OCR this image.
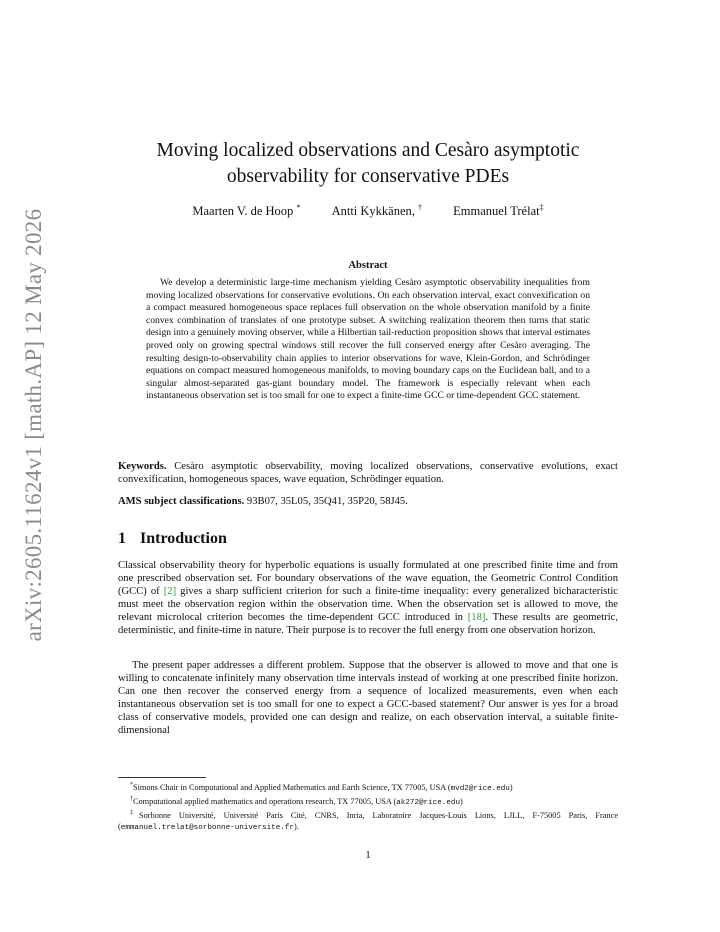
arXiv:2605.11624v1 [math.AP] 12 May 2026
Moving localized observations and Cesàro asymptotic
observability for conservative PDEs
Maarten V. de Hoop * Antti Kykkänen, † Emmanuel Trélat‡
Abstract

We develop a deterministic large-time mechanism yielding Cesàro asymptotic observability inequalities from moving localized observations for conservative evolutions. On each observation interval, exact convexification on a compact measured homogeneous space replaces full observation on the whole observation manifold by a finite convex combination of translates of one prototype subset. A switching realization theorem then turns that static design into a genuinely moving observer, while a Hilbertian tail-reduction proposition shows that interval estimates proved only on growing spectral windows still recover the full conserved energy after Cesàro averaging. The resulting design-to-observability chain applies to interior observations for wave, Klein-Gordon, and Schrödinger equations on compact measured homogeneous manifolds, to moving boundary caps on the Euclidean ball, and to a singular almost-separated gas-giant boundary model. The framework is especially relevant when each instantaneous observation set is too small for one to expect a finite-time GCC or time-dependent GCC statement.

Keywords. Cesàro asymptotic observability, moving localized observations, conservative evolutions, exact convexification, homogeneous spaces, wave equation, Schrödinger equation.
AMS subject classifications. 93B07, 35L05, 35Q41, 35P20, 58J45.
1 Introduction

Classical observability theory for hyperbolic equations is usually formulated at one prescribed finite time and from one prescribed observation set. For boundary observations of the wave equation, the Geometric Control Condition (GCC) of [2] gives a sharp sufficient criterion for such a finite-time inequality: every generalized bicharacteristic must meet the observation region within the observation time. When the observation set is allowed to move, the relevant microlocal criterion becomes the time-dependent GCC introduced in [18]. These results are geometric, deterministic, and finite-time in nature. Their purpose is to recover the full energy from one observation horizon.

The present paper addresses a different problem. Suppose that the observer is allowed to move and that one is willing to concatenate infinitely many observation time intervals instead of working at one prescribed finite horizon. Can one then recover the conserved energy from a sequence of localized measurements, even when each instantaneous observation set is too small for one to expect a GCC-based statement? Our answer is yes for a broad class of conservative models, provided one can design and realize, on each observation interval, a suitable finite-dimensional

*Simons Chair in Computational and Applied Mathematics and Earth Science, TX 77005, USA (mvd2@rice.edu)

†Computational applied mathematics and operations research, TX 77005, USA (ak272@rice.edu)

‡Sorbonne Université, Université Paris Cité, CNRS, Inria, Laboratoire Jacques-Louis Lions, LJLL, F-75005 Paris, France (emmanuel.trelat@sorbonne-universite.fr).

1
